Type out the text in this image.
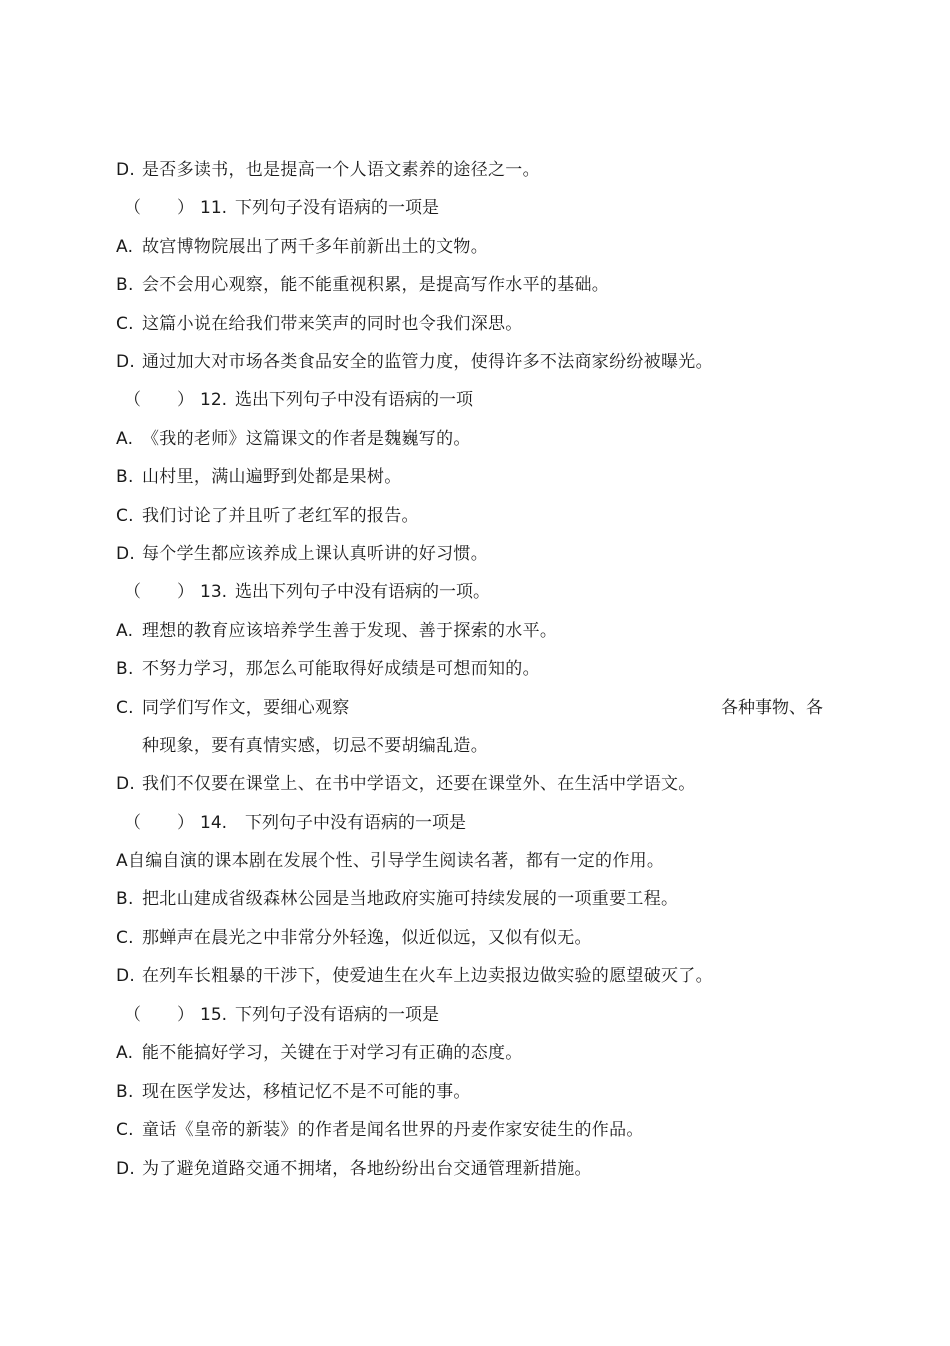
D. 是否多读书，也是提高一个人语文素养的途径之一。
（ ） 11. 下列句子没有语病的一项是
A. 故宫博物院展出了两千多年前新出土的文物。
B. 会不会用心观察，能不能重视积累，是提高写作水平的基础。
C. 这篇小说在给我们带来笑声的同时也令我们深思。
D. 通过加大对市场各类食品安全的监管力度，使得许多不法商家纷纷被曝光。
（ ） 12. 选出下列句子中没有语病的一项
A. 《我的老师》这篇课文的作者是魏巍写的。
B. 山村里，满山遍野到处都是果树。
C. 我们讨论了并且听了老红军的报告。
D. 每个学生都应该养成上课认真听讲的好习惯。
（ ） 13. 选出下列句子中没有语病的一项。
A. 理想的教育应该培养学生善于发现、善于探索的水平。
B. 不努力学习，那怎么可能取得好成绩是可想而知的。
C. 同学们写作文，要细心观察	各种事物、各
种现象，要有真情实感，切忌不要胡编乱造。
D. 我们不仅要在课堂上、在书中学语文，还要在课堂外、在生活中学语文。
（ ） 14. 下列句子中没有语病的一项是
A自编自演的课本剧在发展个性、引导学生阅读名著，都有一定的作用。
B. 把北山建成省级森林公园是当地政府实施可持续发展的一项重要工程。
C. 那蝉声在晨光之中非常分外轻逸，似近似远，又似有似无。
D. 在列车长粗暴的干涉下，使爱迪生在火车上边卖报边做实验的愿望破灭了。
（ ） 15. 下列句子没有语病的一项是
A. 能不能搞好学习，关键在于对学习有正确的态度。
B. 现在医学发达，移植记忆不是不可能的事。
C. 童话《皇帝的新装》的作者是闻名世界的丹麦作家安徒生的作品。
D. 为了避免道路交通不拥堵，各地纷纷出台交通管理新措施。
